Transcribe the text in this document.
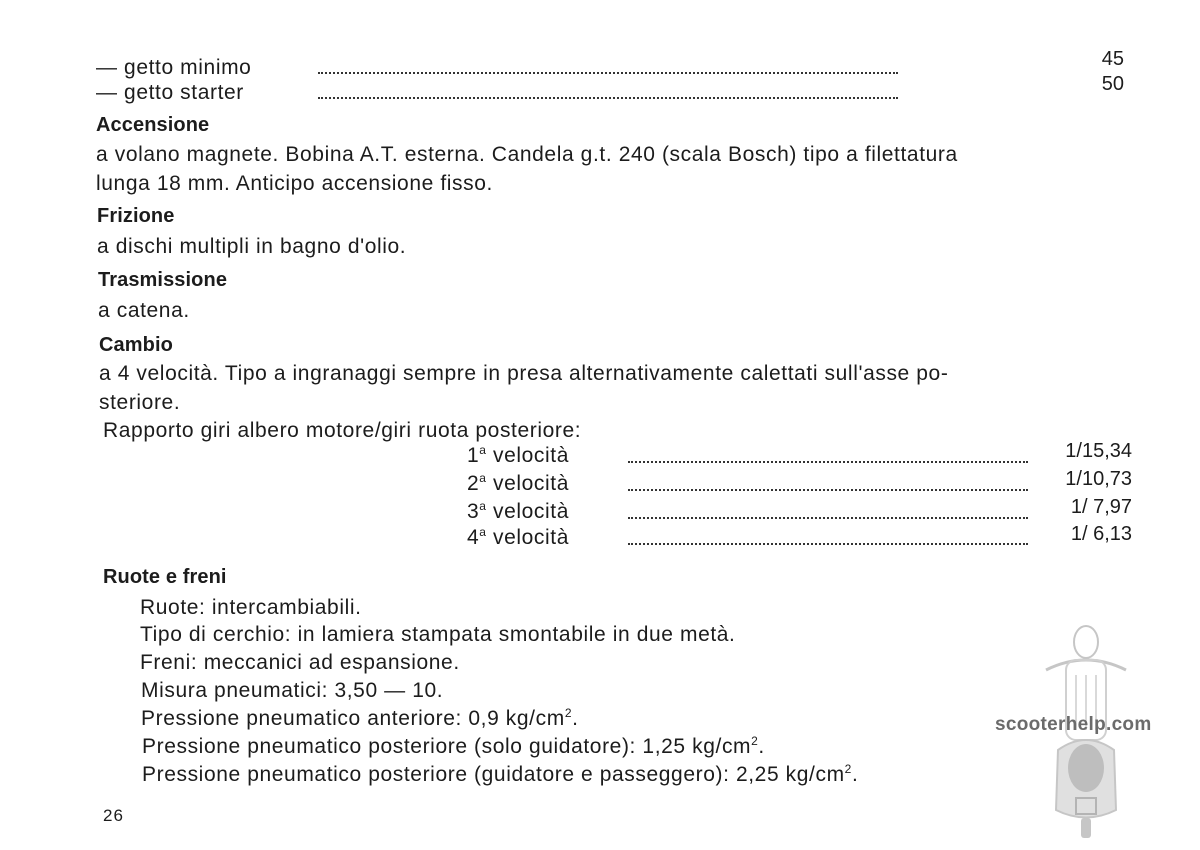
— getto minimo	45
— getto starter	50
Accensione
a volano magnete. Bobina A.T. esterna. Candela g.t. 240 (scala Bosch) tipo a filettatura
lunga 18 mm. Anticipo accensione fisso.
Frizione
a dischi multipli in bagno d'olio.
Trasmissione
a catena.
Cambio
a 4 velocità. Tipo a ingranaggi sempre in presa alternativamente calettati sull'asse po-
steriore.
Rapporto giri albero motore/giri ruota posteriore:
1$^a$ velocità	1/15,34
2$^a$ velocità	1/10,73
3$^a$ velocità	1/ 7,97
4$^a$ velocità	1/ 6,13
Ruote e freni
Ruote: intercambiabili.
Tipo di cerchio: in lamiera stampata smontabile in due metà.
Freni: meccanici ad espansione.
Misura pneumatici: 3,50 — 10.
Pressione pneumatico anteriore: 0,9 $kg/cm^2$.
Pressione pneumatico posteriore (solo guidatore): 1,25 $kg/cm^2$.
Pressione pneumatico posteriore (guidatore e passeggero): 2,25 $kg/cm^2$.
26
scooterhelp.com
